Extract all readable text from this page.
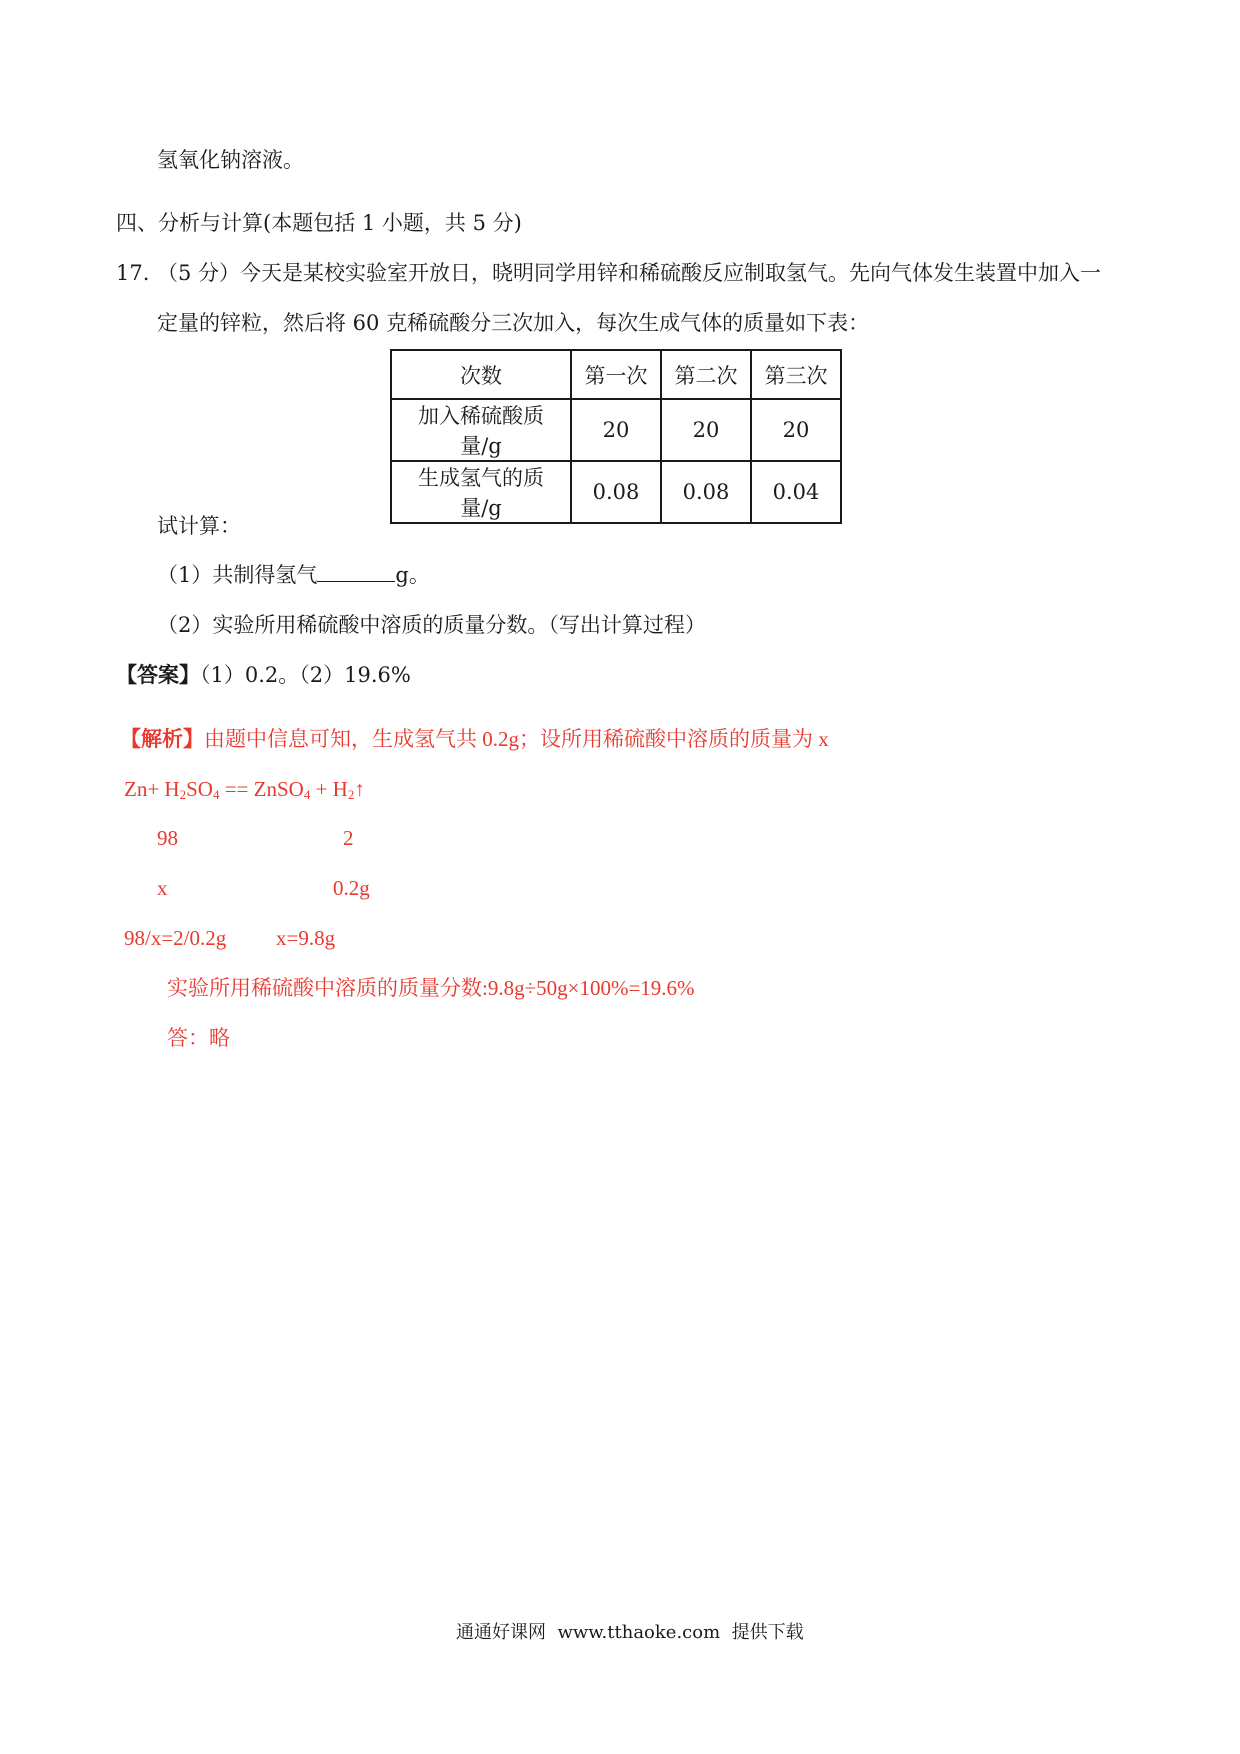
氢氧化钠溶液。
四、分析与计算(本题包括 1 小题，共 5 分)
17. （5 分）今天是某校实验室开放日，晓明同学用锌和稀硫酸反应制取氢气。先向气体发生装置中加入一
定量的锌粒，然后将 60 克稀硫酸分三次加入，每次生成气体的质量如下表：
次数	第一次	第二次	第三次
加入稀硫酸质量/g	20	20	20
生成氢气的质量/g	0.08	0.08	0.04
试计算：
（1）共制得氢气	g。
（2）实验所用稀硫酸中溶质的质量分数。（写出计算过程）
【答案】（1）0.2。（2）19.6%
【解析】由题中信息可知，生成氢气共 0.2g；设所用稀硫酸中溶质的质量为 x
$Zn+ H_2SO_4$ == ZnSO$_4$ + $H_2↑$
98	2
x	0.2g
98/x=2/0.2g x=9.8g
实验所用稀硫酸中溶质的质量分数:9.8g÷50g×100%=19.6%
答：略
通通好课网 www.tthaoke.com 提供下载
